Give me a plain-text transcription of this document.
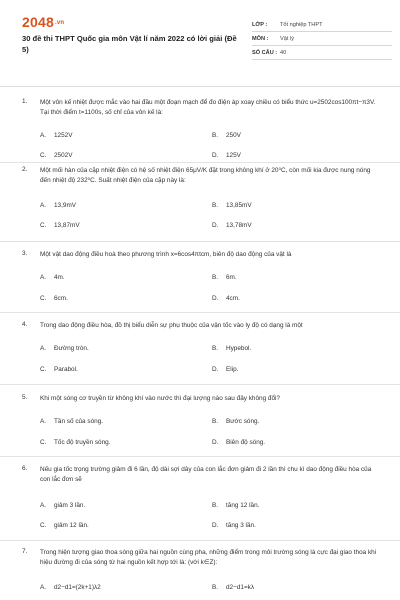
2048.vn
30 đề thi THPT Quốc gia môn Vật lí năm 2022 có lời giải (Đề 5)
LỚP :	Tốt nghiệp THPT
MÔN :	Vật lý
SỐ CÂU : 40
1. Một vôn kế nhiệt được mắc vào hai đầu một đoạn mạch để đo điện áp xoay chiều có biểu thức u=2502cos100πt−π3V. Tại thời điểm t=1100s, số chỉ của vôn kế là:
A. 1252V	B. 250V
C. 2502V	D. 125V
2. Một mối hàn của cặp nhiệt điện có hệ số nhiệt điện 65μV/K đặt trong không khí ở 20⁰C, còn mối kia được nung nóng đến nhiệt độ 232⁰C. Suất nhiệt điện của cặp này là:
A. 13,9mV	B. 13,85mV
C. 13,87mV	D. 13,78mV
3. Một vật dao động điều hoà theo phương trình x=6cos4πtcm, biên độ dao động của vật là
A. 4m.	B. 6m.
C. 6cm.	D. 4cm.
4. Trong dao động điều hòa, đồ thị biểu diễn sự phụ thuộc của vận tốc vào ly độ có dạng là một
A. Đường tròn.	B. Hypebol.
C. Parabol.	D. Elip.
5. Khi một sóng cơ truyền từ không khí vào nước thì đại lượng nào sau đây không đổi?
A. Tần số của sóng.	B. Bước sóng.
C. Tốc độ truyền sóng.	D. Biên độ sóng.
6. Nếu gia tốc trọng trường giảm đi 6 lần, độ dài sợi dây của con lắc đơn giảm đi 2 lần thì chu kì dao động điều hòa của con lắc đơn sẽ
A. giảm 3 lần.	B. tăng 12 lần.
C. giảm 12 lần.	D. tăng 3 lần.
7. Trong hiện tượng giao thoa sóng giữa hai nguồn cùng pha, những điểm trong môi trường sóng là cực đại giao thoa khi hiệu đường đi của sóng từ hai nguồn kết hợp tới là: (với k∈Z):
A. d2−d1=(2k+1)λ2	B. d2−d1=kλ
